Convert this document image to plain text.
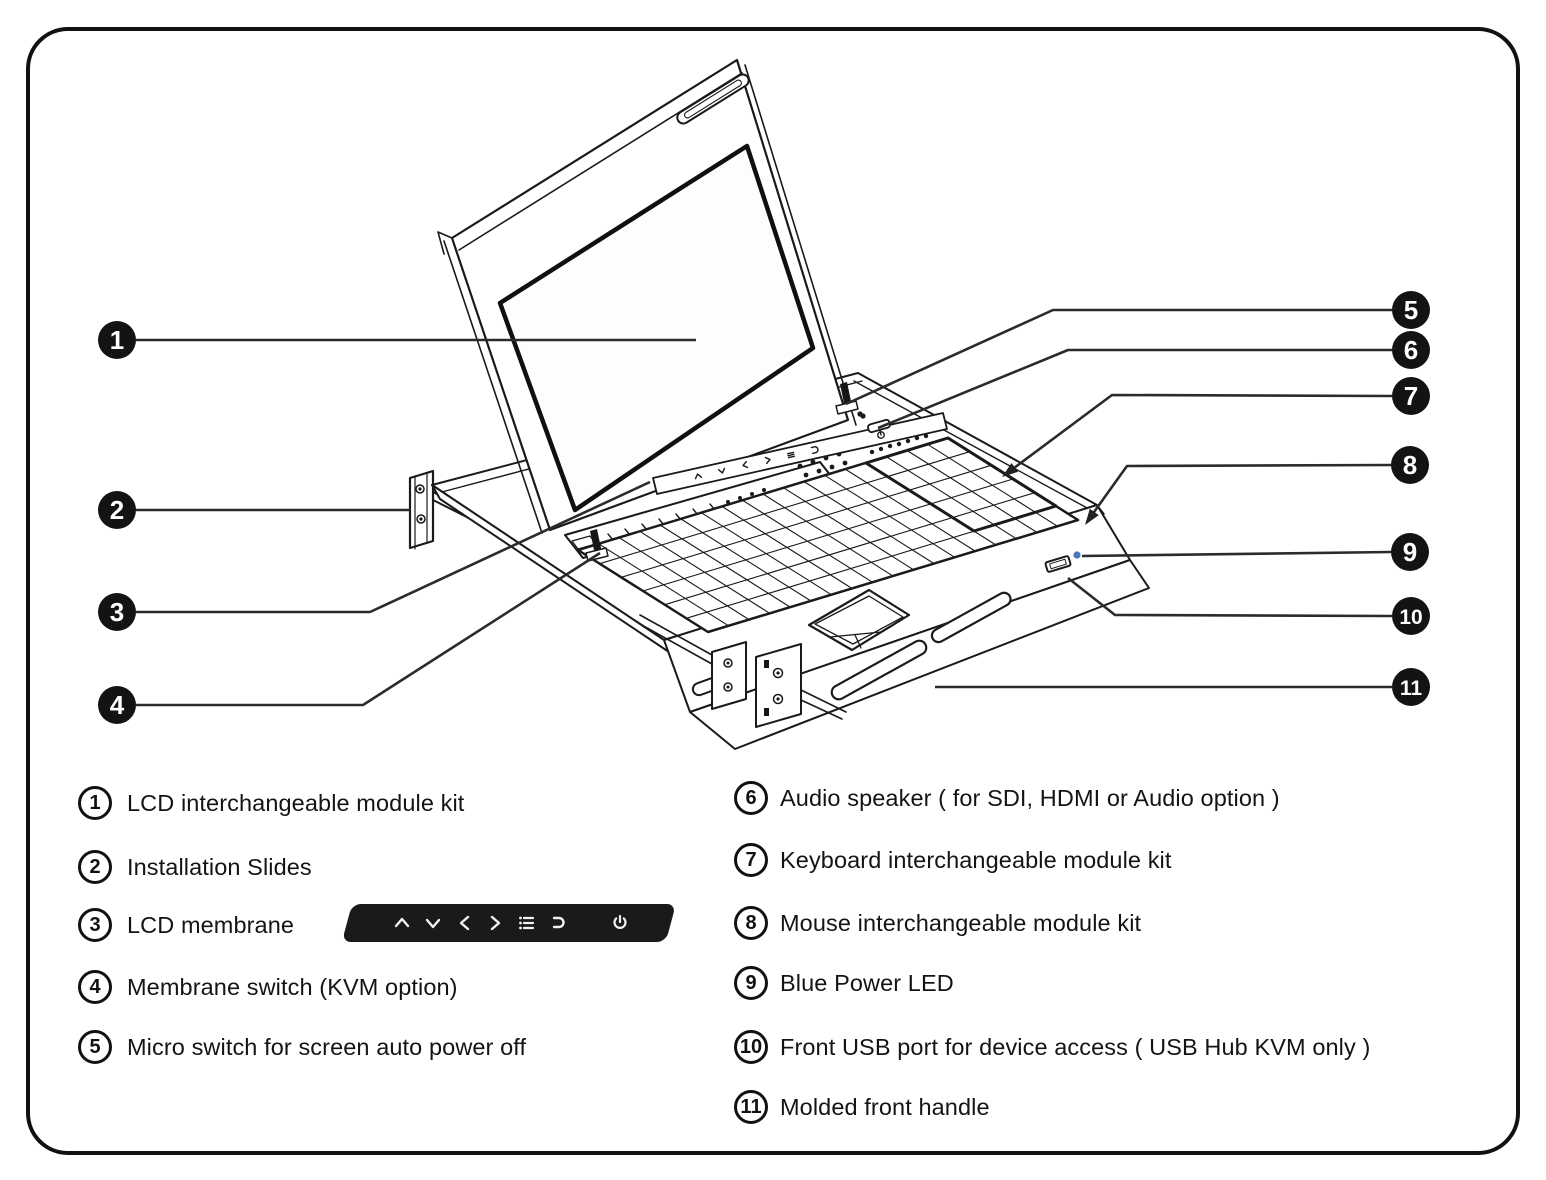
1
2
3
4
5
6
7
8
9
10
11
1	LCD interchangeable module kit
2	Installation Slides
3	LCD membrane
4	Membrane switch (KVM option)
5	Micro switch for screen auto power off
6 Audio speaker ( for SDI, HDMI or Audio option )
7 Keyboard interchangeable module kit
8 Mouse interchangeable module kit
9 Blue Power LED
10 Front USB port for device access ( USB Hub KVM only )
11 Molded front handle
